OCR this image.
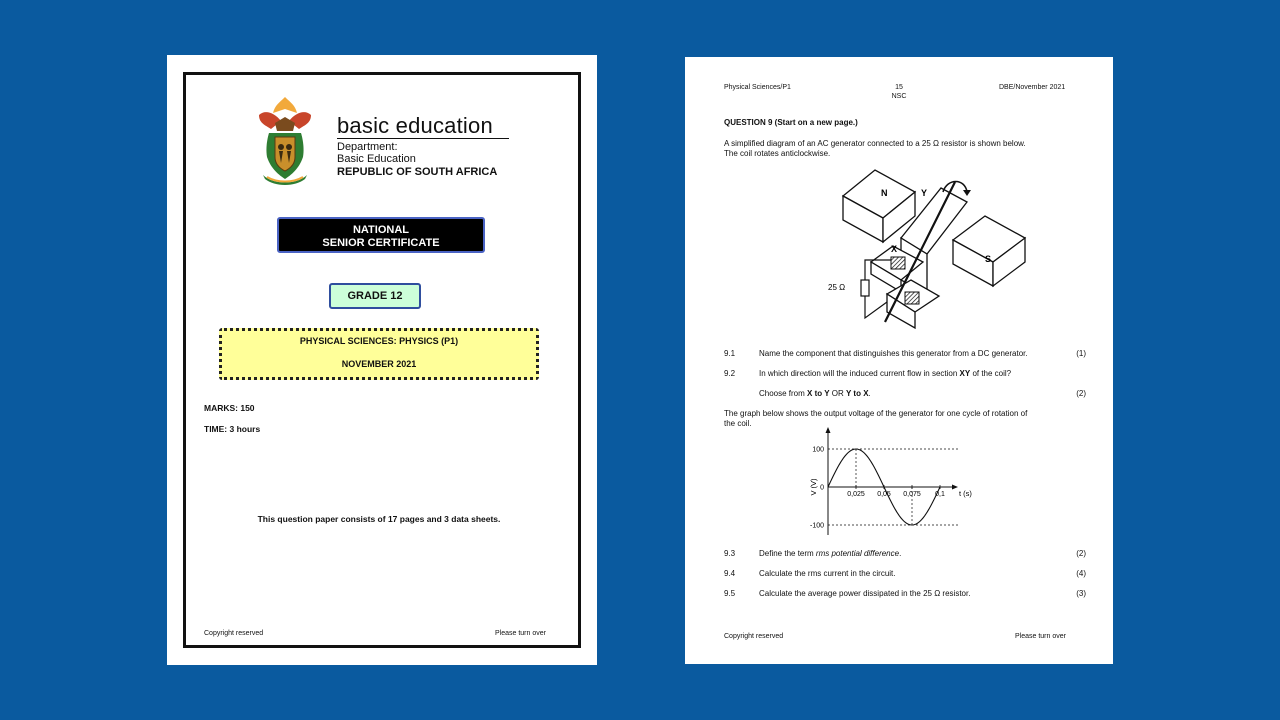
basic education
Department:
Basic Education
REPUBLIC OF SOUTH AFRICA
NATIONAL
SENIOR CERTIFICATE
GRADE 12
PHYSICAL SCIENCES: PHYSICS (P1)
NOVEMBER 2021
MARKS: 150
TIME: 3 hours
This question paper consists of 17 pages and 3 data sheets.
Copyright reserved	Please turn over
Physical Sciences/P1	15
NSC
DBE/November 2021
QUESTION 9 (Start on a new page.)
A simplified diagram of an AC generator connected to a 25 Ω resistor is shown below.
The coil rotates anticlockwise.
N
S
X
Y
25 Ω
9.1	Name the component that distinguishes this generator from a DC generator.	(1)
9.2	In which direction will the induced current flow in section XY of the coil?
Choose from X to Y OR Y to X.	(2)
The graph below shows the output voltage of the generator for one cycle of rotation of
the coil.
0,025 0,05 0,075 0,1
100
0
-100
V (V)	t (s)
9.3	Define the term rms potential difference.	(2)
9.4	Calculate the rms current in the circuit.	(4)
9.5	Calculate the average power dissipated in the 25 Ω resistor.	(3)
Copyright reserved	Please turn over
